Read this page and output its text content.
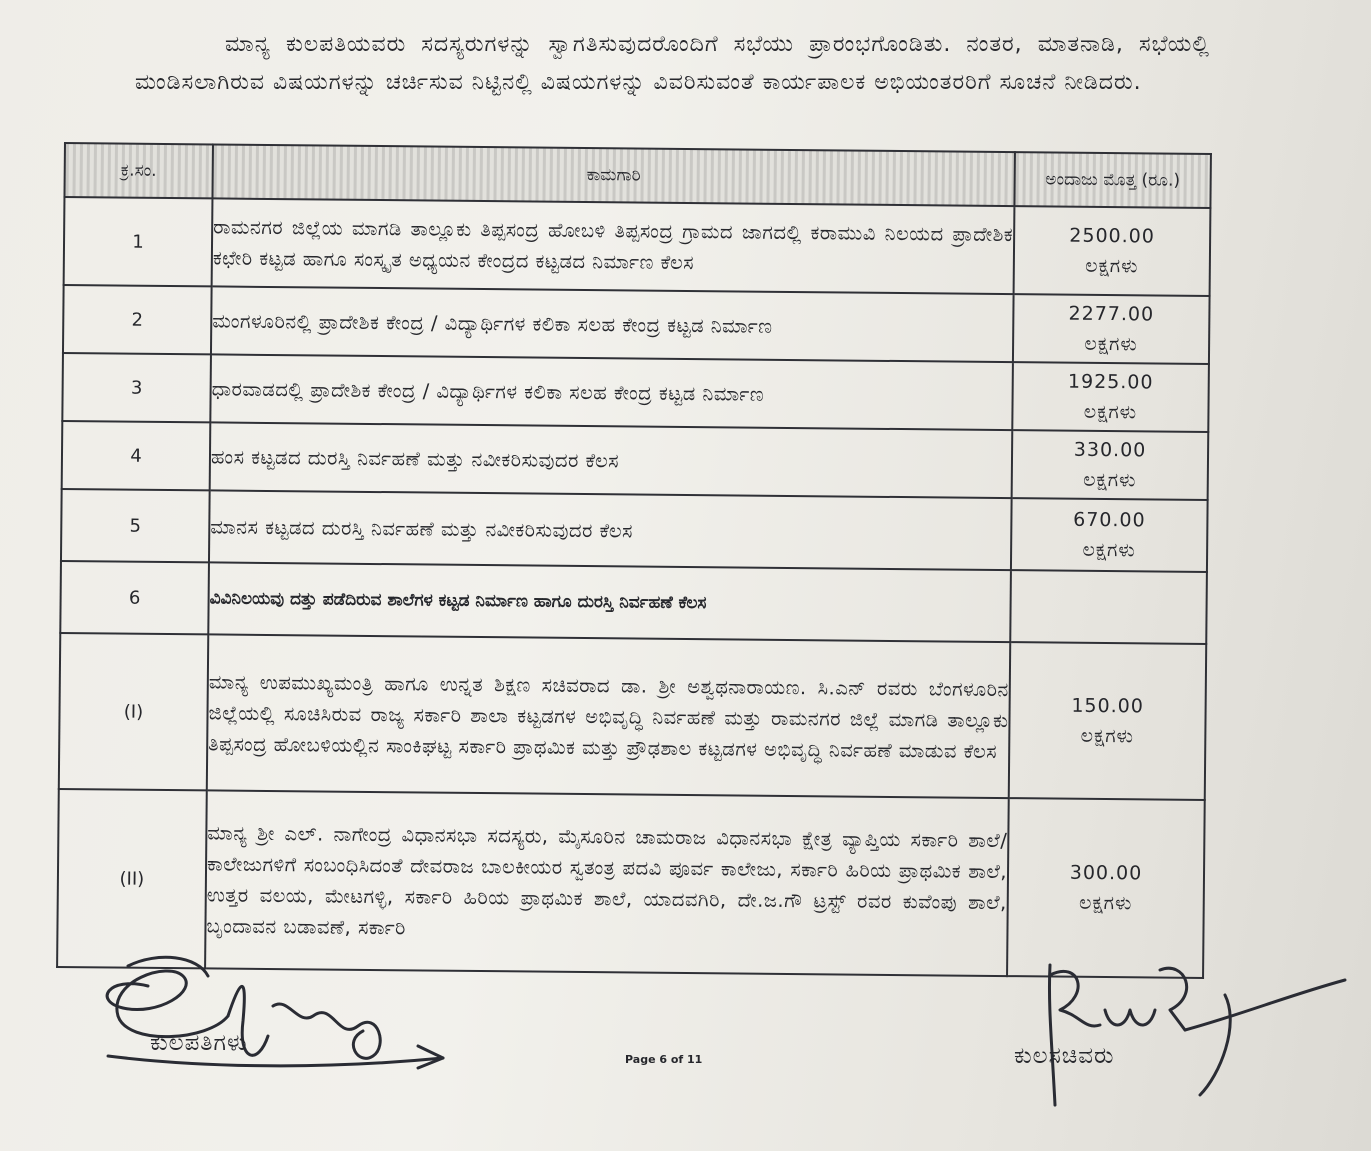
ಮಾನ್ಯ ಕುಲಪತಿಯವರು ಸದಸ್ಯರುಗಳನ್ನು ಸ್ವಾಗತಿಸುವುದರೊಂದಿಗೆ ಸಭೆಯು ಪ್ರಾರಂಭಗೊಂಡಿತು. ನಂತರ, ಮಾತನಾಡಿ, ಸಭೆಯಲ್ಲಿ ಮಂಡಿಸಲಾಗಿರುವ ವಿಷಯಗಳನ್ನು ಚರ್ಚಿಸುವ ನಿಟ್ಟಿನಲ್ಲಿ ವಿಷಯಗಳನ್ನು ವಿವರಿಸುವಂತೆ ಕಾರ್ಯಪಾಲಕ ಅಭಿಯಂತರರಿಗೆ ಸೂಚನೆ ನೀಡಿದರು.

ಕ್ರ.ಸಂ.	ಕಾಮಗಾರಿ	ಅಂದಾಜು ಮೊತ್ತ (ರೂ.)
1	ರಾಮನಗರ ಜಿಲ್ಲೆಯ ಮಾಗಡಿ ತಾಲ್ಲೂಕು ತಿಪ್ಪಸಂದ್ರ ಹೋಬಳಿ ತಿಪ್ಪಸಂದ್ರ ಗ್ರಾಮದ ಜಾಗದಲ್ಲಿ ಕರಾಮುವಿ ನಿಲಯದ ಪ್ರಾದೇಶಿಕ ಕಛೇರಿ ಕಟ್ಟಡ ಹಾಗೂ ಸಂಸ್ಕೃತ ಅಧ್ಯಯನ ಕೇಂದ್ರದ ಕಟ್ಟಡದ ನಿರ್ಮಾಣ ಕೆಲಸ	2500.00
ಲಕ್ಷಗಳು

2	ಮಂಗಳೂರಿನಲ್ಲಿ ಪ್ರಾದೇಶಿಕ ಕೇಂದ್ರ / ವಿದ್ಯಾರ್ಥಿಗಳ ಕಲಿಕಾ ಸಲಹ ಕೇಂದ್ರ ಕಟ್ಟಡ ನಿರ್ಮಾಣ	2277.00
ಲಕ್ಷಗಳು

3	ಧಾರವಾಡದಲ್ಲಿ ಪ್ರಾದೇಶಿಕ ಕೇಂದ್ರ / ವಿದ್ಯಾರ್ಥಿಗಳ ಕಲಿಕಾ ಸಲಹ ಕೇಂದ್ರ ಕಟ್ಟಡ ನಿರ್ಮಾಣ	1925.00
ಲಕ್ಷಗಳು

4	ಹಂಸ ಕಟ್ಟಡದ ದುರಸ್ತಿ ನಿರ್ವಹಣೆ ಮತ್ತು ನವೀಕರಿಸುವುದರ ಕೆಲಸ	330.00
ಲಕ್ಷಗಳು

5	ಮಾನಸ ಕಟ್ಟಡದ ದುರಸ್ತಿ ನಿರ್ವಹಣೆ ಮತ್ತು ನವೀಕರಿಸುವುದರ ಕೆಲಸ	670.00
ಲಕ್ಷಗಳು

6	ವಿವಿನಿಲಯವು ದತ್ತು ಪಡೆದಿರುವ ಶಾಲೆಗಳ ಕಟ್ಟಡ ನಿರ್ಮಾಣ ಹಾಗೂ ದುರಸ್ತಿ ನಿರ್ವಹಣೆ ಕೆಲಸ	

(I)	ಮಾನ್ಯ ಉಪಮುಖ್ಯಮಂತ್ರಿ ಹಾಗೂ ಉನ್ನತ ಶಿಕ್ಷಣ ಸಚಿವರಾದ ಡಾ. ಶ್ರೀ ಅಶ್ವಥನಾರಾಯಣ. ಸಿ.ಎನ್ ರವರು ಬೆಂಗಳೂರಿನ ಜಿಲ್ಲೆಯಲ್ಲಿ ಸೂಚಿಸಿರುವ ರಾಜ್ಯ ಸರ್ಕಾರಿ ಶಾಲಾ ಕಟ್ಟಡಗಳ ಅಭಿವೃದ್ಧಿ ನಿರ್ವಹಣೆ ಮತ್ತು ರಾಮನಗರ ಜಿಲ್ಲೆ ಮಾಗಡಿ ತಾಲ್ಲೂಕು ತಿಪ್ಪಸಂದ್ರ ಹೋಬಳಿಯಲ್ಲಿನ ಸಾಂಕಿಘಟ್ಟ ಸರ್ಕಾರಿ ಪ್ರಾಥಮಿಕ ಮತ್ತು ಪ್ರೌಢಶಾಲ ಕಟ್ಟಡಗಳ ಅಭಿವೃದ್ಧಿ ನಿರ್ವಹಣೆ ಮಾಡುವ ಕೆಲಸ	150.00
ಲಕ್ಷಗಳು

(II)	ಮಾನ್ಯ ಶ್ರೀ ಎಲ್. ನಾಗೇಂದ್ರ ವಿಧಾನಸಭಾ ಸದಸ್ಯರು, ಮೈಸೂರಿನ ಚಾಮರಾಜ ವಿಧಾನಸಭಾ ಕ್ಷೇತ್ರ ವ್ಯಾಪ್ತಿಯ ಸರ್ಕಾರಿ ಶಾಲೆ/ಕಾಲೇಜುಗಳಿಗೆ ಸಂಬಂಧಿಸಿದಂತೆ ದೇವರಾಜ ಬಾಲಕೀಯರ ಸ್ವತಂತ್ರ ಪದವಿ ಪೂರ್ವ ಕಾಲೇಜು, ಸರ್ಕಾರಿ ಹಿರಿಯ ಪ್ರಾಥಮಿಕ ಶಾಲೆ, ಉತ್ತರ ವಲಯ, ಮೇಟಗಳ್ಳಿ, ಸರ್ಕಾರಿ ಹಿರಿಯ ಪ್ರಾಥಮಿಕ ಶಾಲೆ, ಯಾದವಗಿರಿ, ದೇ.ಜ.ಗೌ ಟ್ರಸ್ಟ್ ರವರ ಕುವೆಂಪು ಶಾಲೆ, ಬೃಂದಾವನ ಬಡಾವಣೆ, ಸರ್ಕಾರಿ	300.00
ಲಕ್ಷಗಳು
ಕುಲಪತಿಗಳು
Page 6 of 11	ಕುಲಸಚಿವರು
